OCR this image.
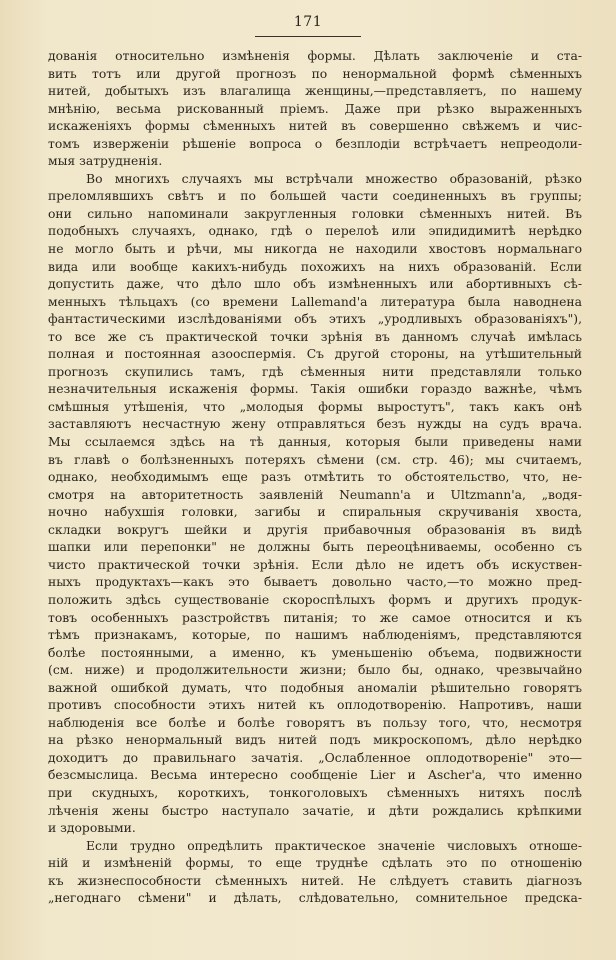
171
дованія относительно измѣненія формы. Дѣлать заключеніе и ста-
вить тотъ или другой прогнозъ по ненормальной формѣ сѣменныхъ
нитей, добытыхъ изъ влагалища женщины,—представляетъ, по нашему
мнѣнію, весьма рискованный пріемъ. Даже при рѣзко выраженныхъ
искаженіяхъ формы сѣменныхъ нитей въ совершенно свѣжемъ и чис-
томъ изверженіи рѣшеніе вопроса о безплодіи встрѣчаетъ непреодоли-
мыя затрудненія.
Во многихъ случаяхъ мы встрѣчали множество образованій, рѣзко
преломлявшихъ свѣтъ и по большей части соединенныхъ въ группы;
они сильно напоминали закругленныя головки сѣменныхъ нитей. Въ
подобныхъ случаяхъ, однако, гдѣ о перелоѣ или эпидидимитѣ нерѣдко
не могло быть и рѣчи, мы никогда не находили хвостовъ нормальнаго
вида или вообще какихъ-нибудь похожихъ на нихъ образованій. Если
допустить даже, что дѣло шло объ измѣненныхъ или абортивныхъ сѣ-
менныхъ тѣльцахъ (со времени Lallemand'а литература была наводнена
фантастическими изслѣдованіями объ этихъ „уродливыхъ образованіяхъ"),
то все же съ практической точки зрѣнія въ данномъ случаѣ имѣлась
полная и постоянная азооспермія. Съ другой стороны, на утѣшительный
прогнозъ скупились тамъ, гдѣ сѣменныя нити представляли только
незначительныя искаженія формы. Такія ошибки гораздо важнѣе, чѣмъ
смѣшныя утѣшенія, что „молодыя формы выростутъ", такъ какъ онѣ
заставляютъ несчастную жену отправляться безъ нужды на судъ врача.
Мы ссылаемся здѣсь на тѣ данныя, которыя были приведены нами
въ главѣ о болѣзненныхъ потеряхъ сѣмени (см. стр. 46); мы считаемъ,
однако, необходимымъ еще разъ отмѣтить то обстоятельство, что, не-
смотря на авторитетность заявленій Neumann'а и Ultzmann'а, „водя-
ночно набухшія головки, загибы и спиральныя скручиванія хвоста,
складки вокругъ шейки и другія прибавочныя образованія въ видѣ
шапки или перепонки" не должны быть переоцѣниваемы, особенно съ
чисто практической точки зрѣнія. Если дѣло не идетъ объ искуствен-
ныхъ продуктахъ—какъ это бываетъ довольно часто,—то можно пред-
положить здѣсь существованіе скороспѣлыхъ формъ и другихъ продук-
товъ особенныхъ разстройствъ питанія; то же самое относится и къ
тѣмъ признакамъ, которые, по нашимъ наблюденіямъ, представляются
болѣе постоянными, а именно, къ уменьшенію объема, подвижности
(см. ниже) и продолжительности жизни; было бы, однако, чрезвычайно
важной ошибкой думать, что подобныя аномаліи рѣшительно говорятъ
противъ способности этихъ нитей къ оплодотворенію. Напротивъ, наши
наблюденія все болѣе и болѣе говорятъ въ пользу того, что, несмотря
на рѣзко ненормальный видъ нитей подъ микроскопомъ, дѣло нерѣдко
доходитъ до правильнаго зачатія. „Ослабленное оплодотвореніе" это—
безсмыслица. Весьма интересно сообщеніе Lier и Ascher'а, что именно
при скудныхъ, короткихъ, тонкоголовыхъ сѣменныхъ нитяхъ послѣ
лѣченія жены быстро наступало зачатіе, и дѣти рождались крѣпкими
и здоровыми.
Если трудно опредѣлить практическое значеніе числовыхъ отноше-
ній и измѣненій формы, то еще труднѣе сдѣлать это по отношенію
къ жизнеспособности сѣменныхъ нитей. Не слѣдуетъ ставить діагнозъ
„негоднаго сѣмени" и дѣлать, слѣдовательно, сомнительное предска-
